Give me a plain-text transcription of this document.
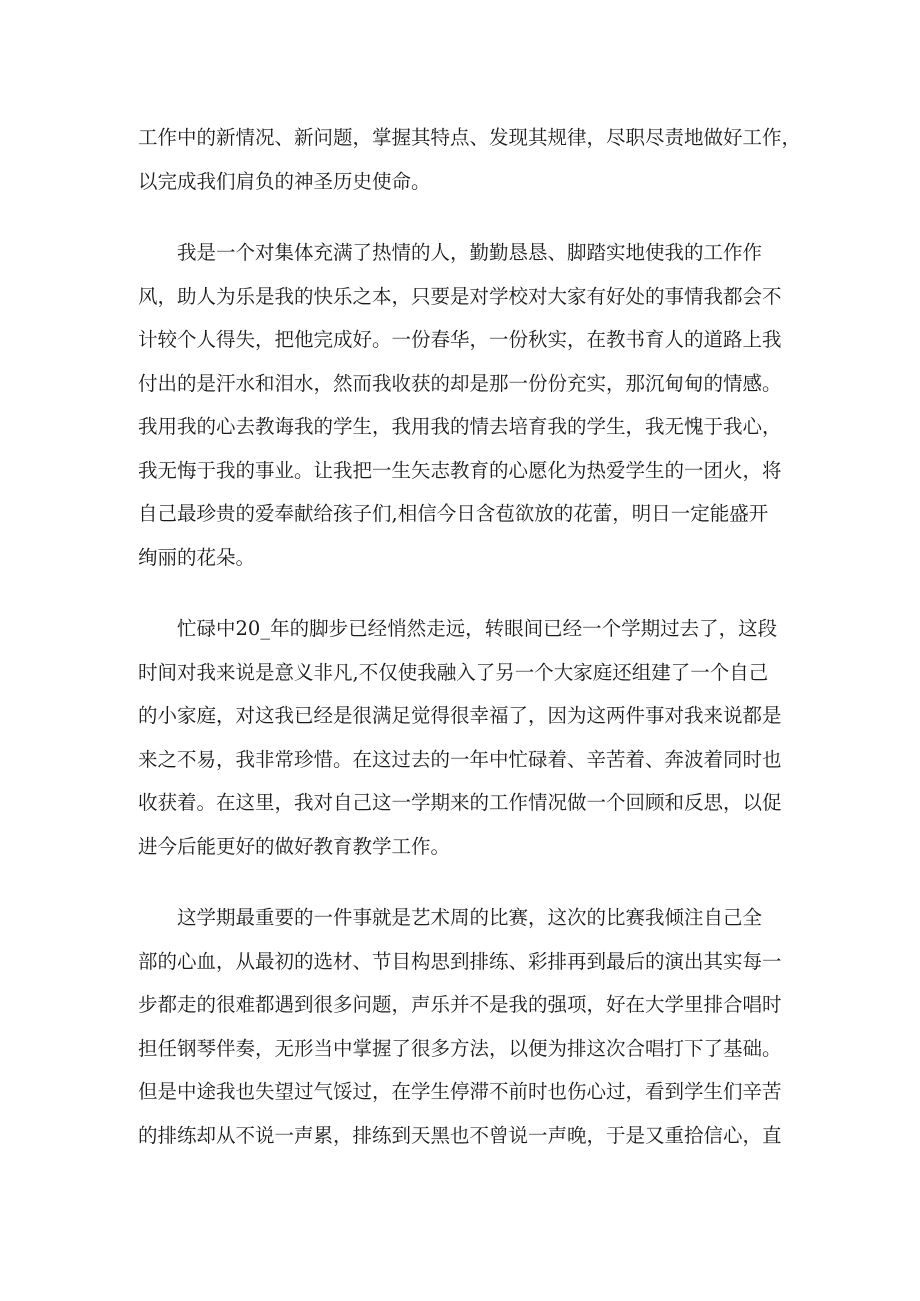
工作中的新情况、新问题，掌握其特点、发现其规律，尽职尽责地做好工作，
以完成我们肩负的神圣历史使命。

我是一个对集体充满了热情的人，勤勤恳恳、脚踏实地使我的工作作
风，助人为乐是我的快乐之本，只要是对学校对大家有好处的事情我都会不
计较个人得失，把他完成好。一份春华，一份秋实，在教书育人的道路上我
付出的是汗水和泪水，然而我收获的却是那一份份充实，那沉甸甸的情感。
我用我的心去教诲我的学生，我用我的情去培育我的学生，我无愧于我心，
我无悔于我的事业。让我把一生矢志教育的心愿化为热爱学生的一团火，将
自己最珍贵的爱奉献给孩子们,相信今日含苞欲放的花蕾，明日一定能盛开
绚丽的花朵。

忙碌中20_年的脚步已经悄然走远，转眼间已经一个学期过去了，这段
时间对我来说是意义非凡,不仅使我融入了另一个大家庭还组建了一个自己
的小家庭，对这我已经是很满足觉得很幸福了，因为这两件事对我来说都是
来之不易，我非常珍惜。在这过去的一年中忙碌着、辛苦着、奔波着同时也
收获着。在这里，我对自己这一学期来的工作情况做一个回顾和反思，以促
进今后能更好的做好教育教学工作。

这学期最重要的一件事就是艺术周的比赛，这次的比赛我倾注自己全
部的心血，从最初的选材、节目构思到排练、彩排再到最后的演出其实每一
步都走的很难都遇到很多问题，声乐并不是我的强项，好在大学里排合唱时
担任钢琴伴奏，无形当中掌握了很多方法，以便为排这次合唱打下了基础。
但是中途我也失望过气馁过，在学生停滞不前时也伤心过，看到学生们辛苦
的排练却从不说一声累，排练到天黑也不曾说一声晚，于是又重拾信心，直
